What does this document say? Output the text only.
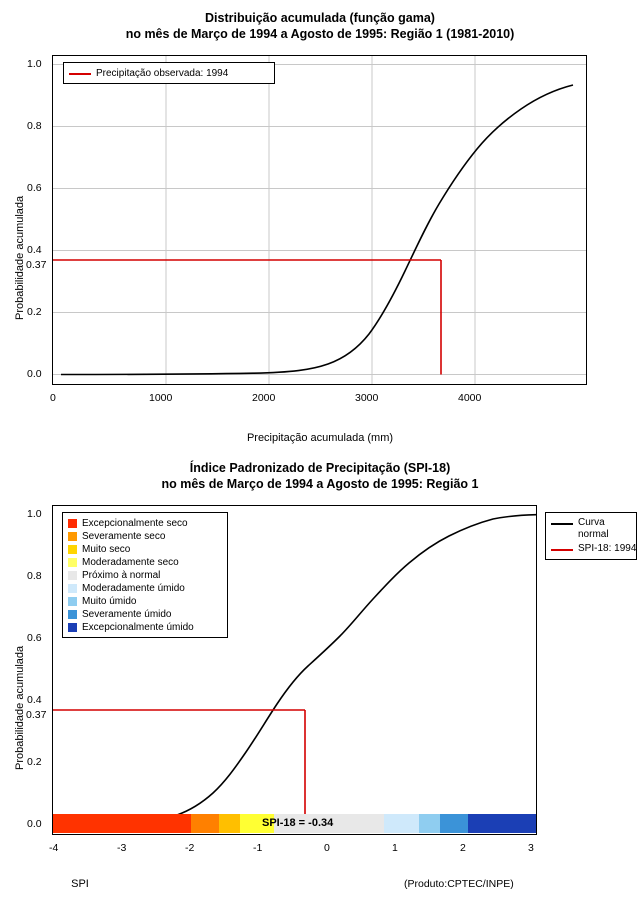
Distribuição acumulada (função gama)
no mês de Março de 1994 a Agosto de 1995: Região 1 (1981-2010)
Probabilidade acumulada
1.0
0.8
0.6
0.4
0.2
0.0
0.37
0	1000	2000	3000	4000
Precipitação acumulada (mm)
Precipitação observada: 1994
Índice Padronizado de Precipitação (SPI-18)
no mês de Março de 1994 a Agosto de 1995: Região 1
Probabilidade acumulada
1.0
0.8
0.6
0.4
0.2
0.0
0.37
-4	-3	-2	-1	0	1	2	3
SPI	(Produto:CPTEC/INPE)
SPI-18 = -0.34
Excepcionalmente seco
Severamente seco
Muito seco
Moderadamente seco
Próximo à normal
Moderadamente úmido
Muito úmido
Severamente úmido
Excepcionalmente úmido
Curva
normal
SPI-18: 1994
